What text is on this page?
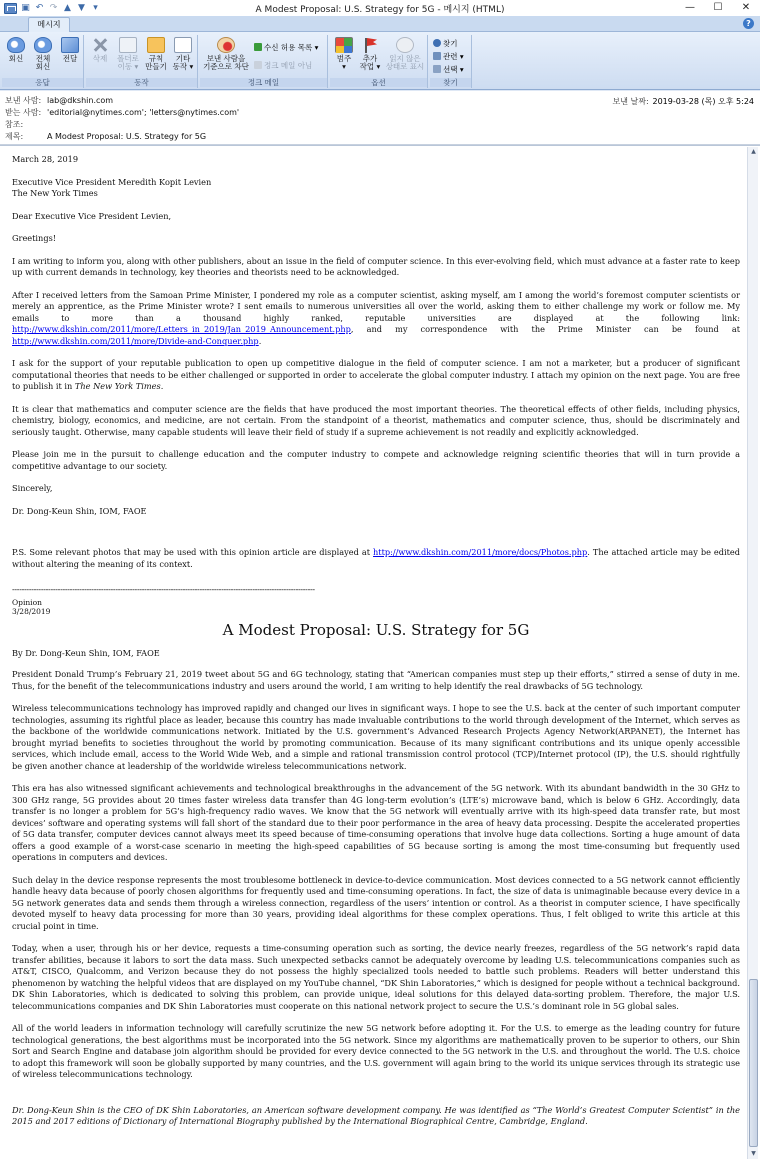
▣ ↶ ↷ ▲ ▼ ▾	A Modest Proposal: U.S. Strategy for 5G - 메시지 (HTML)	—	☐	✕
메시지	?
회신	전체
회신
전달
응답
삭제	폴더로
이동 ▾
규칙
만들기
기타
동작 ▾
동작
보낸 사람을
기준으로 차단
수신 허용 목록 ▾
정크 메일 아님
정크 메일
범주
▾
추가
작업 ▾
읽지 않은
상태로 표시
옵션
찾기
관련 ▾
선택 ▾
찾기
보낸 사람: lab@dkshin.com
받는 사람: 'editorial@nytimes.com'; 'letters@nytimes.com'
참조:
제목:	A Modest Proposal: U.S. Strategy for 5G
보낸 날짜: 2019-03-28 (목) 오후 5:24

March 28, 2019

Executive Vice President Meredith Kopit Levien

The New York Times

Dear Executive Vice President Levien,

Greetings!

I am writing to inform you, along with other publishers, about an issue in the field of computer science. In this ever-evolving field, which must advance at a faster rate to keep up with current demands in technology, key theories and theorists need to be acknowledged.

After I received letters from the Samoan Prime Minister, I pondered my role as a computer scientist, asking myself, am I among the world’s foremost computer scientists or merely an apprentice, as the Prime Minister wrote? I sent emails to numerous universities all over the world, asking them to either challenge my work or follow me. My emails to more than a thousand highly ranked, reputable universities are displayed at the following link: http://www.dkshin.com/2011/more/Letters_in_2019/Jan_2019_Announcement.php, and my correspondence with the Prime Minister can be found at http://www.dkshin.com/2011/more/Divide-and-Conquer.php.

I ask for the support of your reputable publication to open up competitive dialogue in the field of computer science. I am not a marketer, but a producer of significant computational theories that needs to be either challenged or supported in order to accelerate the global computer industry. I attach my opinion on the next page. You are free to publish it in The New York Times.

It is clear that mathematics and computer science are the fields that have produced the most important theories. The theoretical effects of other fields, including physics, chemistry, biology, economics, and medicine, are not certain. From the standpoint of a theorist, mathematics and computer science, thus, should be discriminately and seriously taught. Otherwise, many capable students will leave their field of study if a supreme achievement is not readily and explicitly acknowledged.

Please join me in the pursuit to challenge education and the computer industry to compete and acknowledge reigning scientific theories that will in turn provide a competitive advantage to our society.

Sincerely,

Dr. Dong-Keun Shin, IOM, FAOE

P.S. Some relevant photos that may be used with this opinion article are displayed at http://www.dkshin.com/2011/more/docs/Photos.php. The attached article may be edited without altering the meaning of its context.

------------------------------------------------------------------------------------------------------------------------------

Opinion

3/28/2019

A Modest Proposal: U.S. Strategy for 5G

By Dr. Dong-Keun Shin, IOM, FAOE

President Donald Trump’s February 21, 2019 tweet about 5G and 6G technology, stating that “American companies must step up their efforts,” stirred a sense of duty in me. Thus, for the benefit of the telecommunications industry and users around the world, I am writing to help identify the real drawbacks of 5G technology.

Wireless telecommunications technology has improved rapidly and changed our lives in significant ways. I hope to see the U.S. back at the center of such important computer technologies, assuming its rightful place as leader, because this country has made invaluable contributions to the world through development of the Internet, which serves as the backbone of the worldwide communications network. Initiated by the U.S. government’s Advanced Research Projects Agency Network(ARPANET), the Internet has brought myriad benefits to societies throughout the world by promoting communication. Because of its many significant contributions and its unique openly accessible services, which include email, access to the World Wide Web, and a simple and rational transmission control protocol (TCP)/Internet protocol (IP), the U.S. should rightfully be given another chance at leadership of the worldwide wireless telecommunications network.

This era has also witnessed significant achievements and technological breakthroughs in the advancement of the 5G network. With its abundant bandwidth in the 30 GHz to 300 GHz range, 5G provides about 20 times faster wireless data transfer than 4G long-term evolution’s (LTE’s) microwave band, which is below 6 GHz. Accordingly, data transfer is no longer a problem for 5G’s high-frequency radio waves. We know that the 5G network will eventually arrive with its high-speed data transfer rate, but most devices’ software and operating systems will fall short of the standard due to their poor performance in the area of heavy data processing. Despite the accelerated properties of 5G data transfer, computer devices cannot always meet its speed because of time-consuming operations that involve huge data collections. Sorting a huge amount of data offers a good example of a worst-case scenario in meeting the high-speed capabilities of 5G because sorting is among the most time-consuming but frequently used operations in computers and devices.

Such delay in the device response represents the most troublesome bottleneck in device-to-device communication. Most devices connected to a 5G network cannot efficiently handle heavy data because of poorly chosen algorithms for frequently used and time-consuming operations. In fact, the size of data is unimaginable because every device in a 5G network generates data and sends them through a wireless connection, regardless of the users’ intention or control. As a theorist in computer science, I have specifically devoted myself to heavy data processing for more than 30 years, providing ideal algorithms for these complex operations. Thus, I felt obliged to write this article at this crucial point in time.

Today, when a user, through his or her device, requests a time-consuming operation such as sorting, the device nearly freezes, regardless of the 5G network’s rapid data transfer abilities, because it labors to sort the data mass. Such unexpected setbacks cannot be adequately overcome by leading U.S. telecommunications companies such as AT&T, CISCO, Qualcomm, and Verizon because they do not possess the highly specialized tools needed to battle such problems. Readers will better understand this phenomenon by watching the helpful videos that are displayed on my YouTube channel, “DK Shin Laboratories,” which is designed for people without a technical background. DK Shin Laboratories, which is dedicated to solving this problem, can provide unique, ideal solutions for this delayed data-sorting problem. Therefore, the major U.S. telecommunications companies and DK Shin Laboratories must cooperate on this national network project to secure the U.S.’s dominant role in 5G global sales.

All of the world leaders in information technology will carefully scrutinize the new 5G network before adopting it. For the U.S. to emerge as the leading country for future technological generations, the best algorithms must be incorporated into the 5G network. Since my algorithms are mathematically proven to be superior to others, our Shin Sort and Search Engine and database join algorithm should be provided for every device connected to the 5G network in the U.S. and throughout the world. The U.S. choice to adopt this framework will soon be globally supported by many countries, and the U.S. government will again bring to the world its unique services through its strategic use of wireless telecommunications technology.

Dr. Dong-Keun Shin is the CEO of DK Shin Laboratories, an American software development company. He was identified as “The World’s Greatest Computer Scientist” in the 2015 and 2017 editions of Dictionary of International Biography published by the International Biographical Centre, Cambridge, England.

▲
▼
